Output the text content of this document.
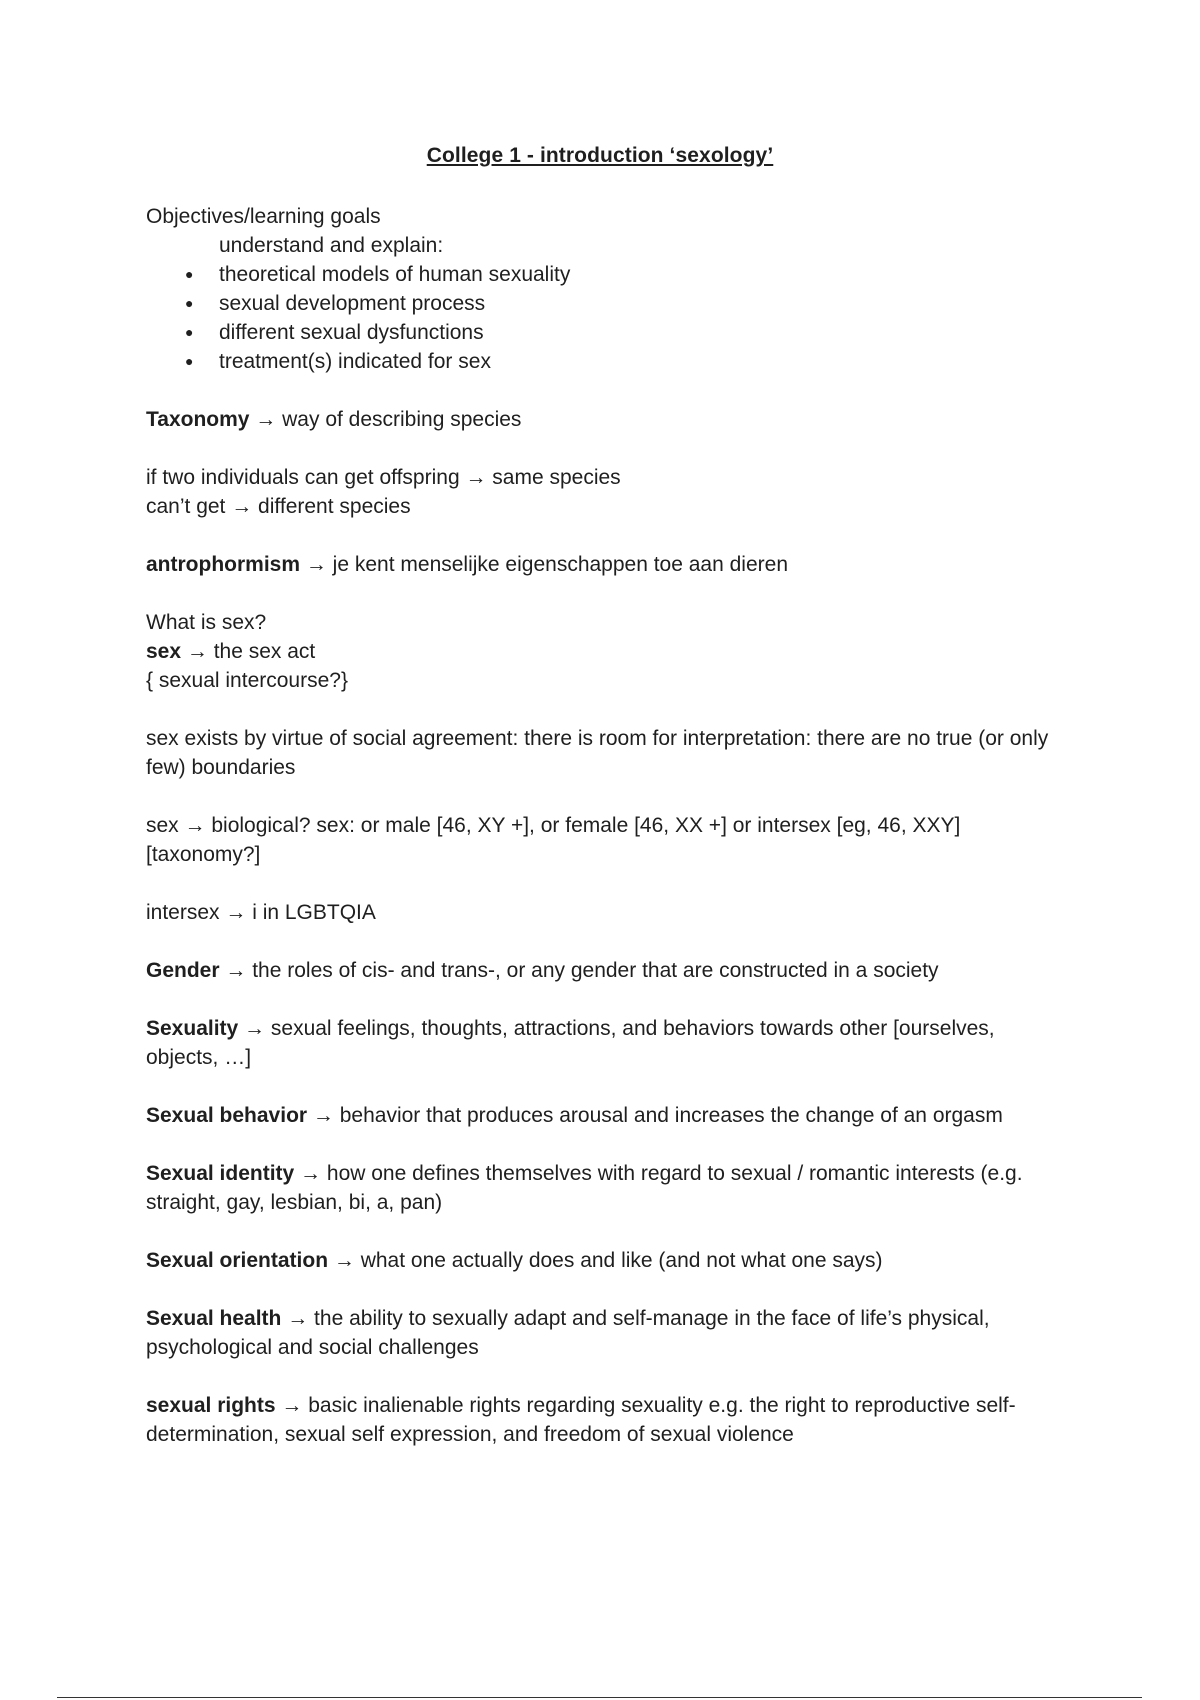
College 1 - introduction ‘sexology’

Objectives/learning goals

understand and explain:

● theoretical models of human sexuality
● sexual development process
● different sexual dysfunctions
● treatment(s) indicated for sex

Taxonomy → way of describing species

if two individuals can get offspring → same species

can’t get → different species

antrophormism → je kent menselijke eigenschappen toe aan dieren

What is sex?

sex → the sex act

{ sexual intercourse?}

sex exists by virtue of social agreement: there is room for interpretation: there are no true (or only few) boundaries

sex → biological? sex: or male [46, XY +], or female [46, XX +] or intersex [eg, 46, XXY] [taxonomy?]

intersex → i in LGBTQIA

Gender → the roles of cis- and trans-, or any gender that are constructed in a society

Sexuality → sexual feelings, thoughts, attractions, and behaviors towards other [ourselves, objects, …]

Sexual behavior → behavior that produces arousal and increases the change of an orgasm

Sexual identity → how one defines themselves with regard to sexual / romantic interests (e.g. straight, gay, lesbian, bi, a, pan)

Sexual orientation → what one actually does and like (and not what one says)

Sexual health → the ability to sexually adapt and self-manage in the face of life’s physical, psychological and social challenges

sexual rights → basic inalienable rights regarding sexuality e.g. the right to reproductive self-determination, sexual self expression, and freedom of sexual violence
